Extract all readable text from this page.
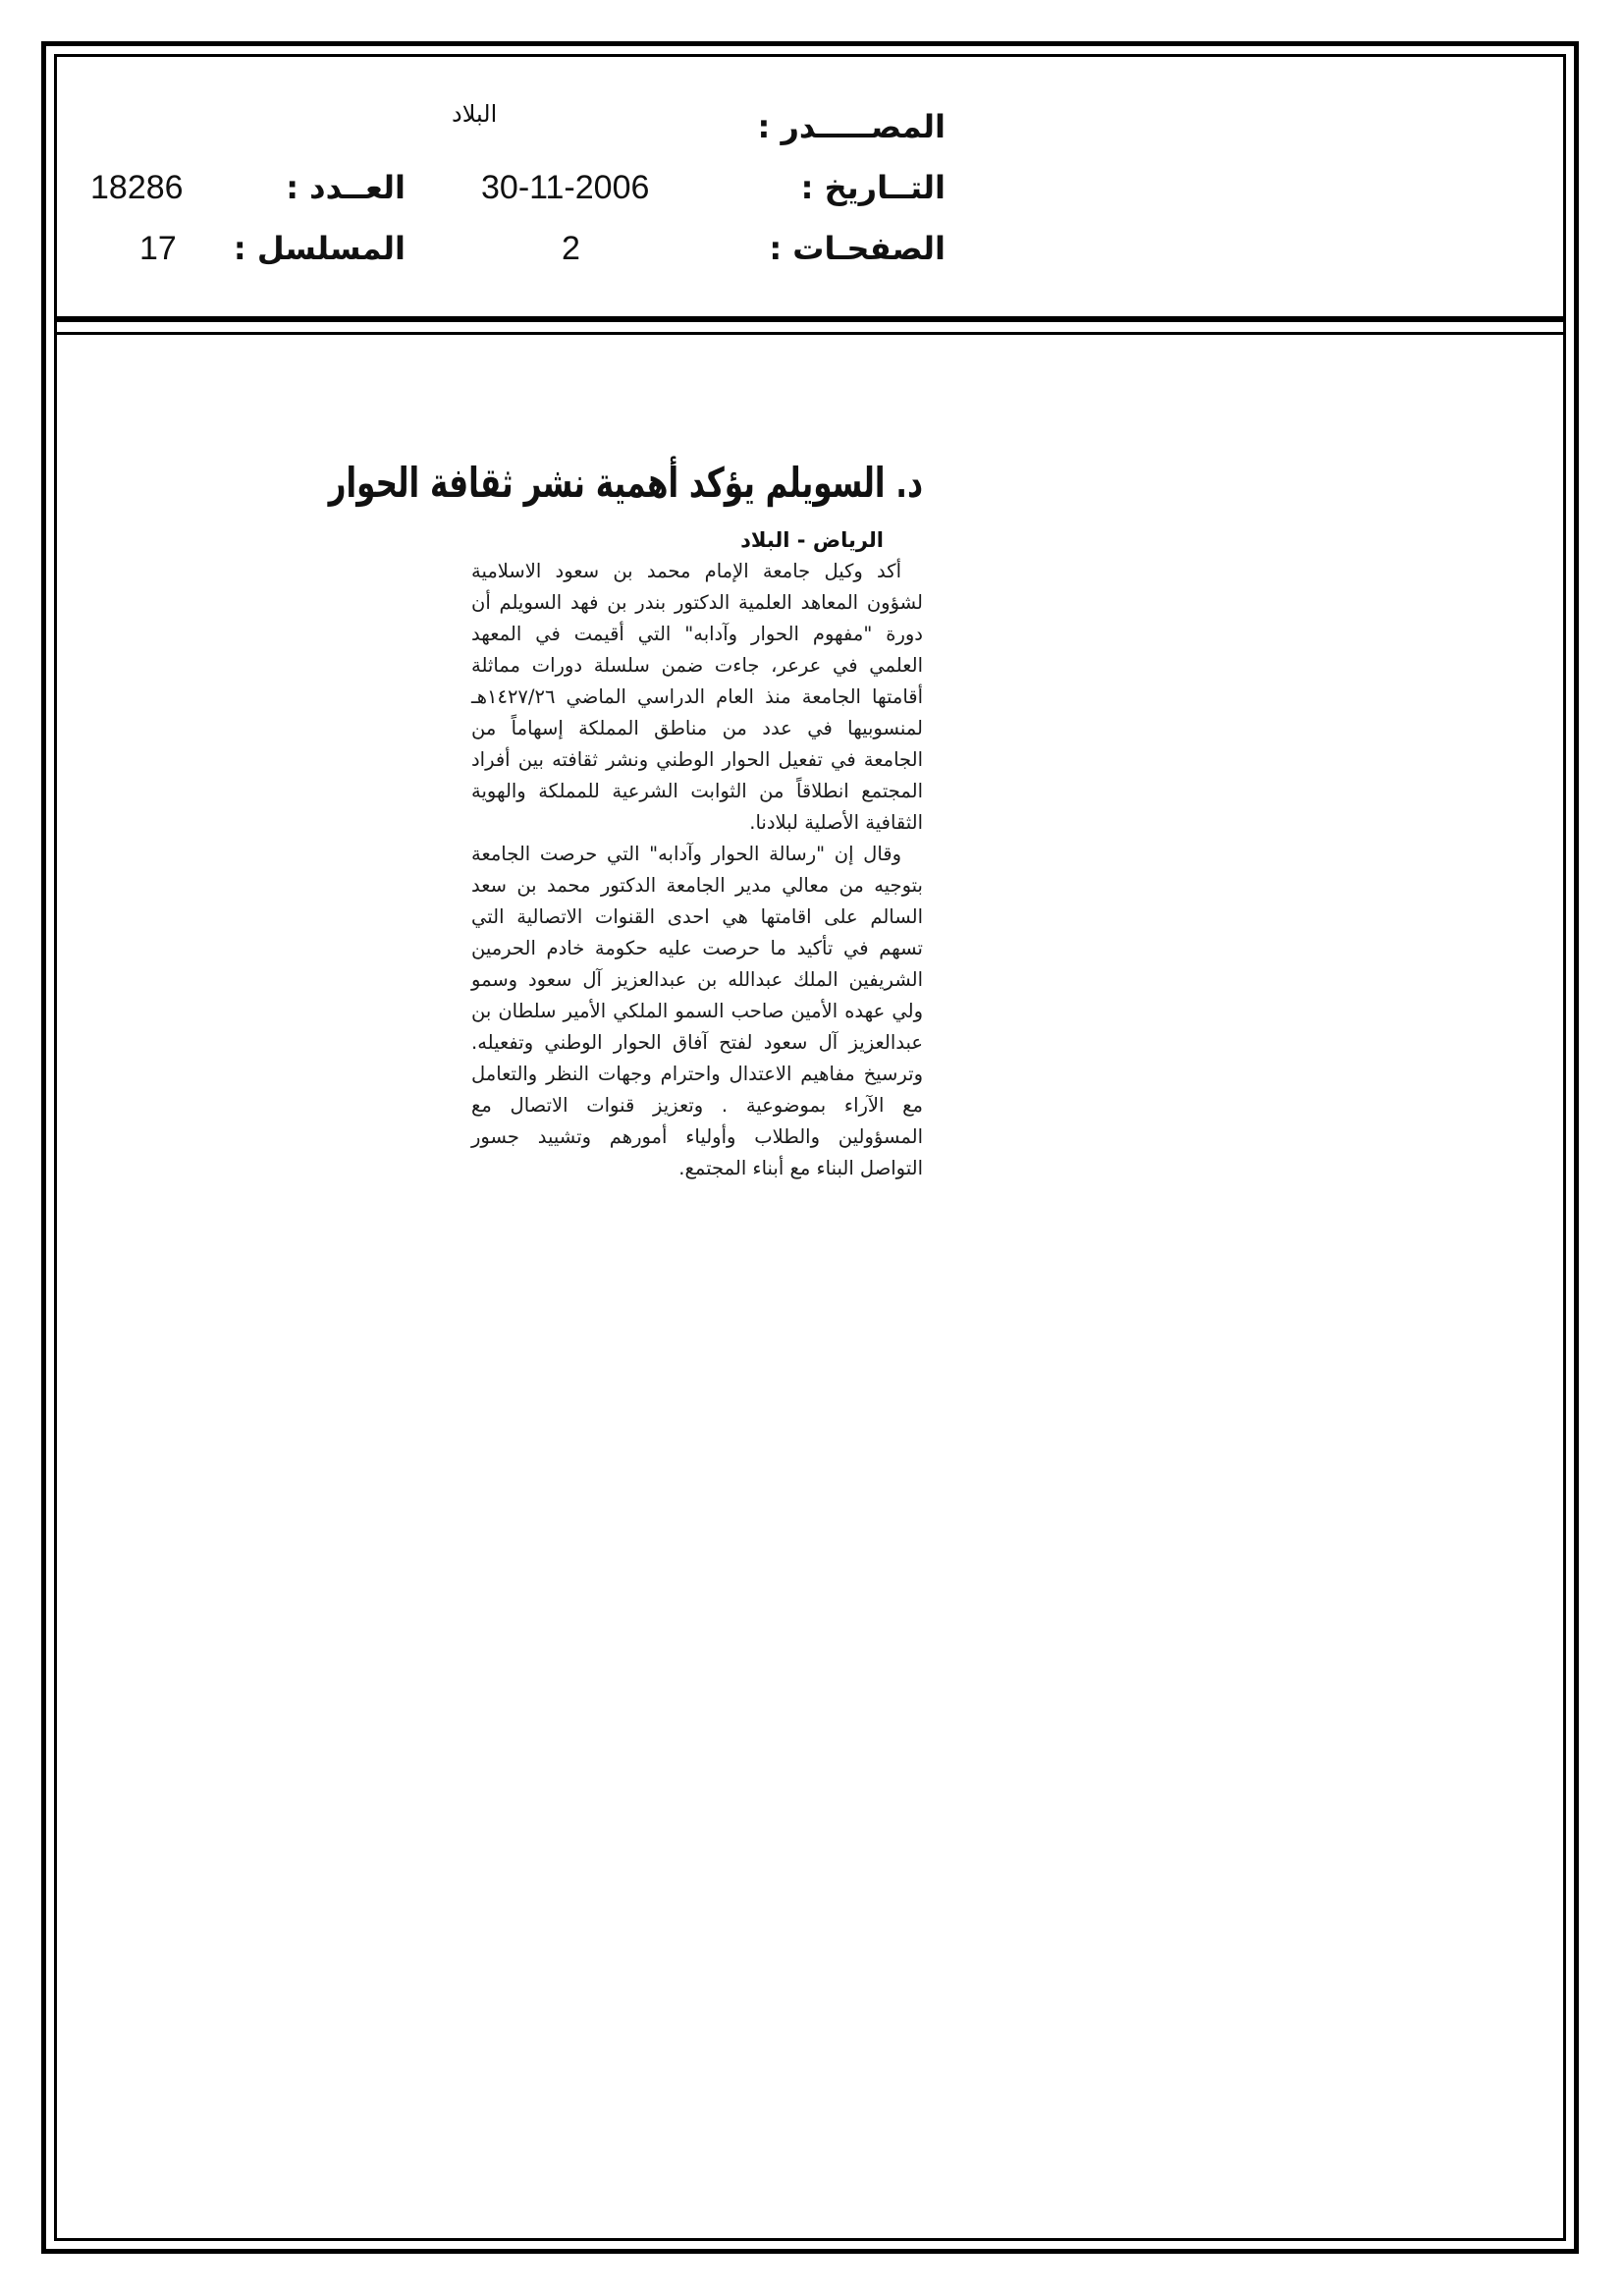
المصـــــدر :
البلاد
التــاريخ :
30-11-2006
العــدد :
18286
الصفحـات :
2
المسلسل :
17
د. السويلم يؤكد أهمية نشر ثقافة الحوار
الرياض - البلاد

أكد وكيل جامعة الإمام محمد بن سعود الاسلامية لشؤون المعاهد العلمية الدكتور بندر بن فهد السويلم أن دورة "مفهوم الحوار وآدابه" التي أقيمت في المعهد العلمي في عرعر، جاءت ضمن سلسلة دورات مماثلة أقامتها الجامعة منذ العام الدراسي الماضي ١٤٢٧/٢٦هـ لمنسوبيها في عدد من مناطق المملكة إسهاماً من الجامعة في تفعيل الحوار الوطني ونشر ثقافته بين أفراد المجتمع انطلاقاً من الثوابت الشرعية للمملكة والهوية الثقافية الأصلية لبلادنا.

وقال إن "رسالة الحوار وآدابه" التي حرصت الجامعة بتوجيه من معالي مدير الجامعة الدكتور محمد بن سعد السالم على اقامتها هي احدى القنوات الاتصالية التي تسهم في تأكيد ما حرصت عليه حكومة خادم الحرمين الشريفين الملك عبدالله بن عبدالعزيز آل سعود وسمو ولي عهده الأمين صاحب السمو الملكي الأمير سلطان بن عبدالعزيز آل سعود لفتح آفاق الحوار الوطني وتفعيله. وترسيخ مفاهيم الاعتدال واحترام وجهات النظر والتعامل مع الآراء بموضوعية . وتعزيز قنوات الاتصال مع المسؤولين والطلاب وأولياء أمورهم وتشييد جسور التواصل البناء مع أبناء المجتمع.
